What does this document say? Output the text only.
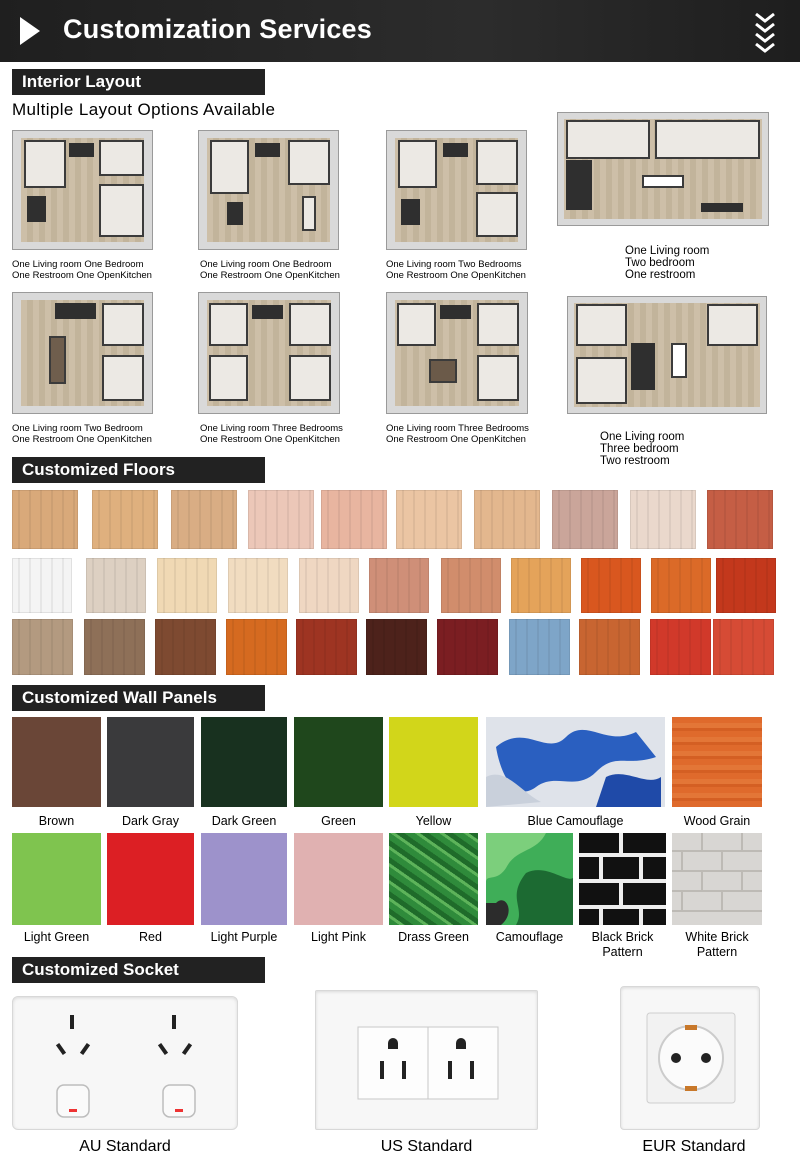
Customization Services
Interior Layout
Multiple Layout Options Available
One Living room One Bedroom
One Restroom One OpenKitchen
One Living room One Bedroom
One Restroom One OpenKitchen
One Living room Two Bedrooms
One Restroom One OpenKitchen
One Living room
Two bedroom
One restroom
One Living room Two Bedroom
One Restroom One OpenKitchen
One Living room Three Bedrooms
One Restroom One OpenKitchen
One Living room Three Bedrooms
One Restroom One OpenKitchen	One Living room
Three bedroom
Two restroom
Customized Floors
Customized Wall Panels
Brown	Dark Gray	Dark Green	Green	Yellow	Blue Camouflage	Wood Grain
Light Green	Red	Light Purple	Light Pink	Drass Green	Camouflage	Black Brick
Pattern
White Brick
Pattern
Customized Socket
AU Standard	US Standard	EUR Standard
